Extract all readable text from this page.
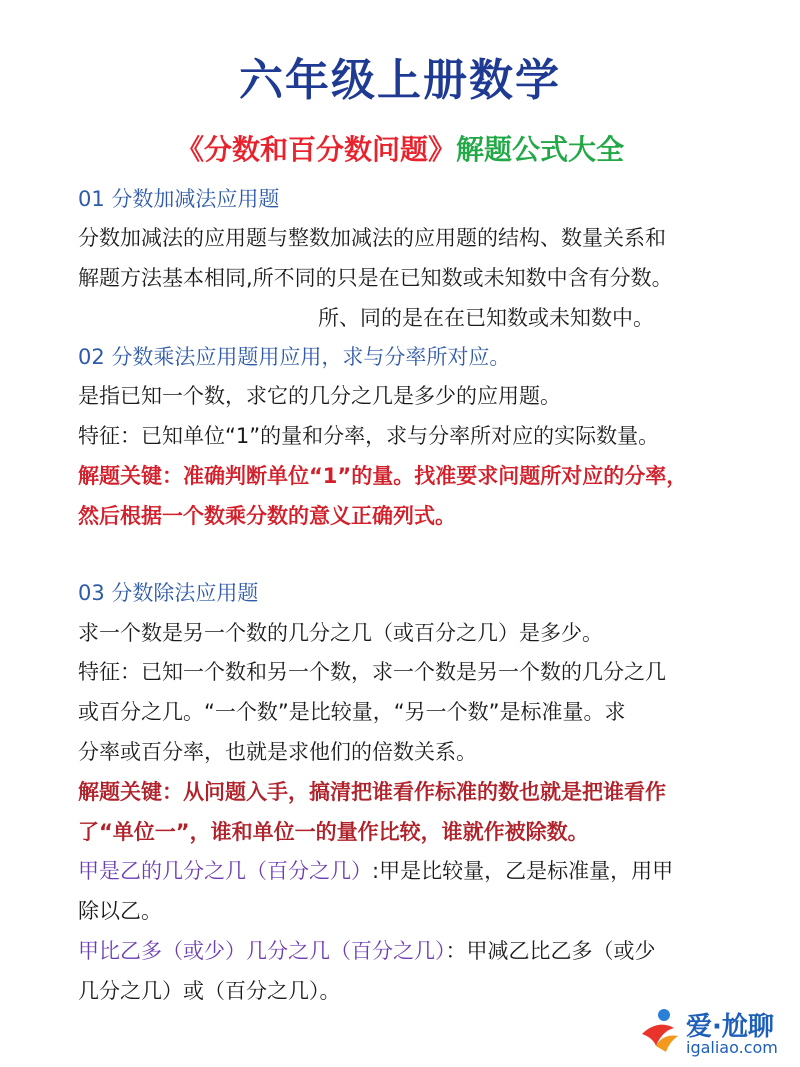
六年级上册数学
《分数和百分数问题》解题公式大全
01 分数加减法应用题
分数加减法的应用题与整数加减法的应用题的结构、数量关系和
解题方法基本相同,所不同的只是在已知数或未知数中含有分数。
所、同的是在在已知数或未知数中。
02 分数乘法应用题用应用，求与分率所对应。
是指已知一个数，求它的几分之几是多少的应用题。
特征：已知单位“1”的量和分率，求与分率所对应的实际数量。
解题关键：准确判断单位“1”的量。找准要求问题所对应的分率，
然后根据一个数乘分数的意义正确列式。
03 分数除法应用题
求一个数是另一个数的几分之几（或百分之几）是多少。
特征：已知一个数和另一个数，求一个数是另一个数的几分之几
或百分之几。“一个数”是比较量，“另一个数”是标准量。求
分率或百分率，也就是求他们的倍数关系。
解题关键：从问题入手，搞清把谁看作标准的数也就是把谁看作
了“单位一”，谁和单位一的量作比较，谁就作被除数。
甲是乙的几分之几（百分之几）:甲是比较量，乙是标准量，用甲
除以乙。
甲比乙多（或少）几分之几（百分之几）：甲减乙比乙多（或少
几分之几）或（百分之几）。
爱·尬聊
igaliao.com
